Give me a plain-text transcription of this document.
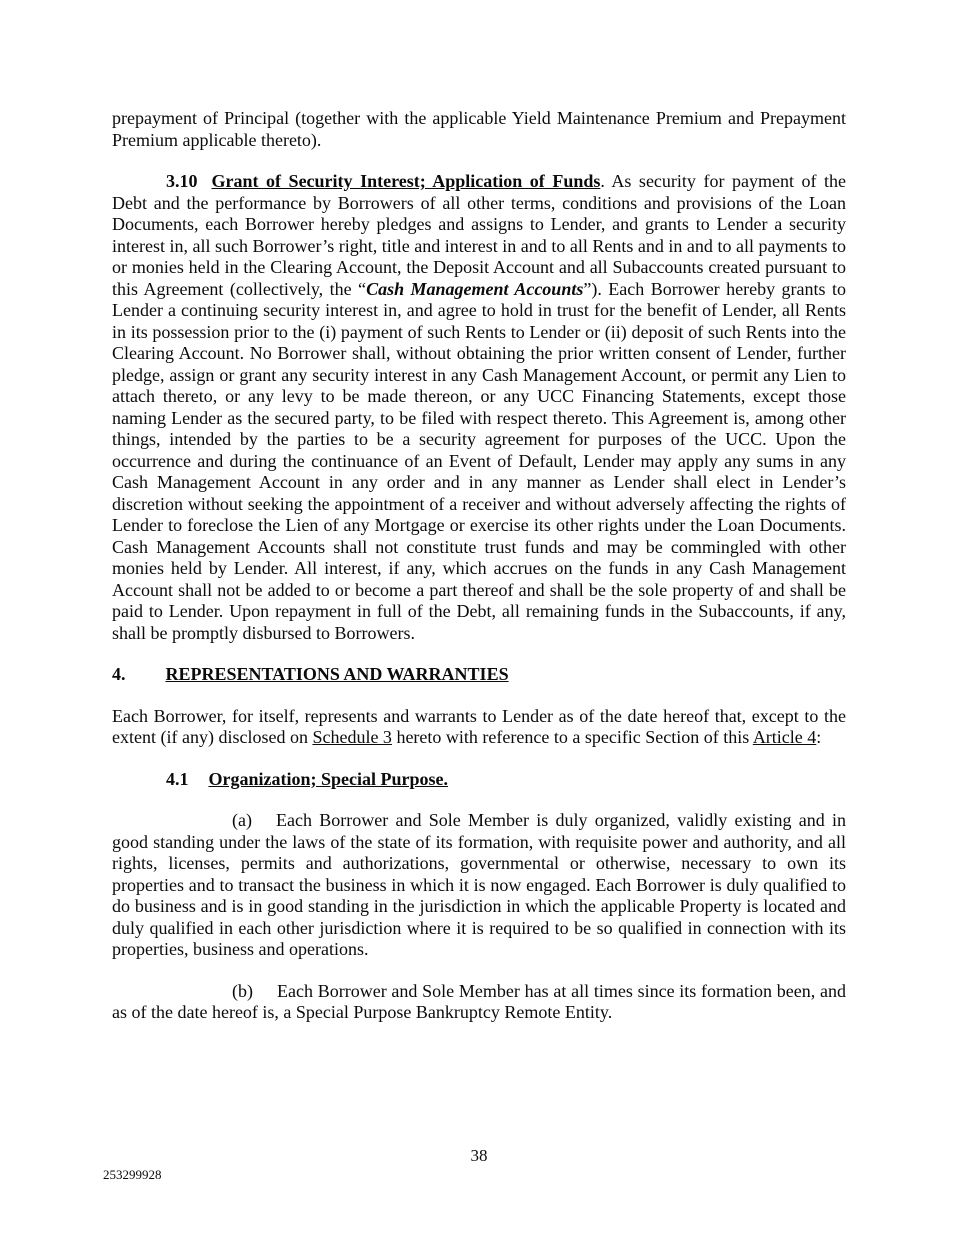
prepayment of Principal (together with the applicable Yield Maintenance Premium and Prepayment Premium applicable thereto).

3.10 Grant of Security Interest; Application of Funds. As security for payment of the Debt and the performance by Borrowers of all other terms, conditions and provisions of the Loan Documents, each Borrower hereby pledges and assigns to Lender, and grants to Lender a security interest in, all such Borrower’s right, title and interest in and to all Rents and in and to all payments to or monies held in the Clearing Account, the Deposit Account and all Subaccounts created pursuant to this Agreement (collectively, the “Cash Management Accounts”). Each Borrower hereby grants to Lender a continuing security interest in, and agree to hold in trust for the benefit of Lender, all Rents in its possession prior to the (i) payment of such Rents to Lender or (ii) deposit of such Rents into the Clearing Account. No Borrower shall, without obtaining the prior written consent of Lender, further pledge, assign or grant any security interest in any Cash Management Account, or permit any Lien to attach thereto, or any levy to be made thereon, or any UCC Financing Statements, except those naming Lender as the secured party, to be filed with respect thereto. This Agreement is, among other things, intended by the parties to be a security agreement for purposes of the UCC. Upon the occurrence and during the continuance of an Event of Default, Lender may apply any sums in any Cash Management Account in any order and in any manner as Lender shall elect in Lender’s discretion without seeking the appointment of a receiver and without adversely affecting the rights of Lender to foreclose the Lien of any Mortgage or exercise its other rights under the Loan Documents. Cash Management Accounts shall not constitute trust funds and may be commingled with other monies held by Lender. All interest, if any, which accrues on the funds in any Cash Management Account shall not be added to or become a part thereof and shall be the sole property of and shall be paid to Lender. Upon repayment in full of the Debt, all remaining funds in the Subaccounts, if any, shall be promptly disbursed to Borrowers.

4. REPRESENTATIONS AND WARRANTIES

Each Borrower, for itself, represents and warrants to Lender as of the date hereof that, except to the extent (if any) disclosed on Schedule 3 hereto with reference to a specific Section of this Article 4:

4.1 Organization; Special Purpose.

(a) Each Borrower and Sole Member is duly organized, validly existing and in good standing under the laws of the state of its formation, with requisite power and authority, and all rights, licenses, permits and authorizations, governmental or otherwise, necessary to own its properties and to transact the business in which it is now engaged. Each Borrower is duly qualified to do business and is in good standing in the jurisdiction in which the applicable Property is located and duly qualified in each other jurisdiction where it is required to be so qualified in connection with its properties, business and operations.

(b) Each Borrower and Sole Member has at all times since its formation been, and as of the date hereof is, a Special Purpose Bankruptcy Remote Entity.

38
253299928
